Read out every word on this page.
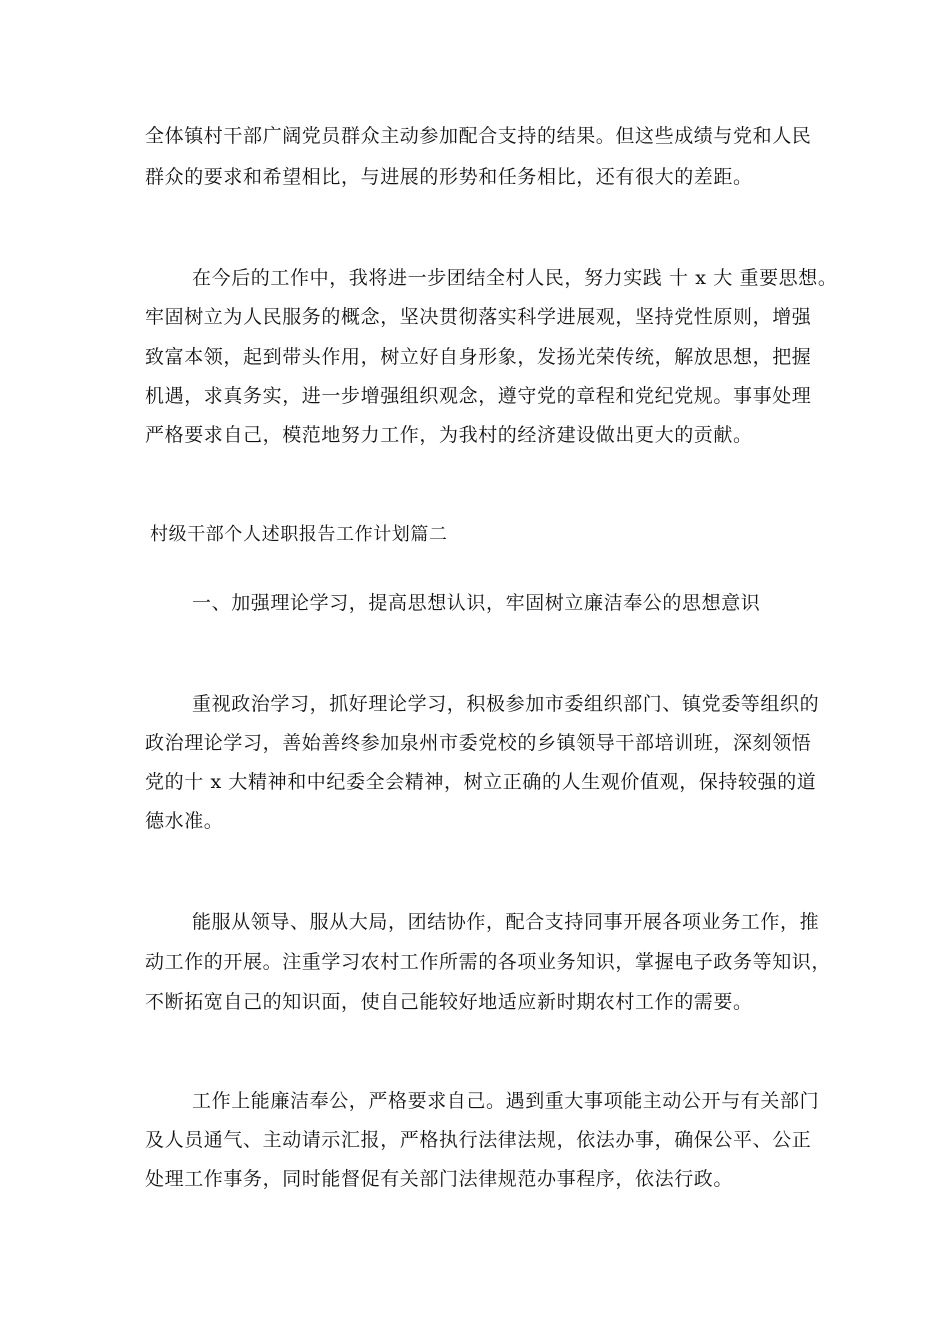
全体镇村干部广阔党员群众主动参加配合支持的结果。但这些成绩与党和人民
群众的要求和希望相比，与进展的形势和任务相比，还有很大的差距。
在今后的工作中，我将进一步团结全村人民，努力实践 十 x 大 重要思想。
牢固树立为人民服务的概念，坚决贯彻落实科学进展观，坚持党性原则，增强
致富本领，起到带头作用，树立好自身形象，发扬光荣传统，解放思想，把握
机遇，求真务实，进一步增强组织观念，遵守党的章程和党纪党规。事事处理
严格要求自己，模范地努力工作，为我村的经济建设做出更大的贡献。
村级干部个人述职报告工作计划篇二
一、加强理论学习，提高思想认识，牢固树立廉洁奉公的思想意识
重视政治学习，抓好理论学习，积极参加市委组织部门、镇党委等组织的
政治理论学习，善始善终参加泉州市委党校的乡镇领导干部培训班，深刻领悟
党的十 x 大精神和中纪委全会精神，树立正确的人生观价值观，保持较强的道
德水准。
能服从领导、服从大局，团结协作，配合支持同事开展各项业务工作，推
动工作的开展。注重学习农村工作所需的各项业务知识，掌握电子政务等知识，
不断拓宽自己的知识面，使自己能较好地适应新时期农村工作的需要。
工作上能廉洁奉公，严格要求自己。遇到重大事项能主动公开与有关部门
及人员通气、主动请示汇报，严格执行法律法规，依法办事，确保公平、公正
处理工作事务，同时能督促有关部门法律规范办事程序，依法行政。
